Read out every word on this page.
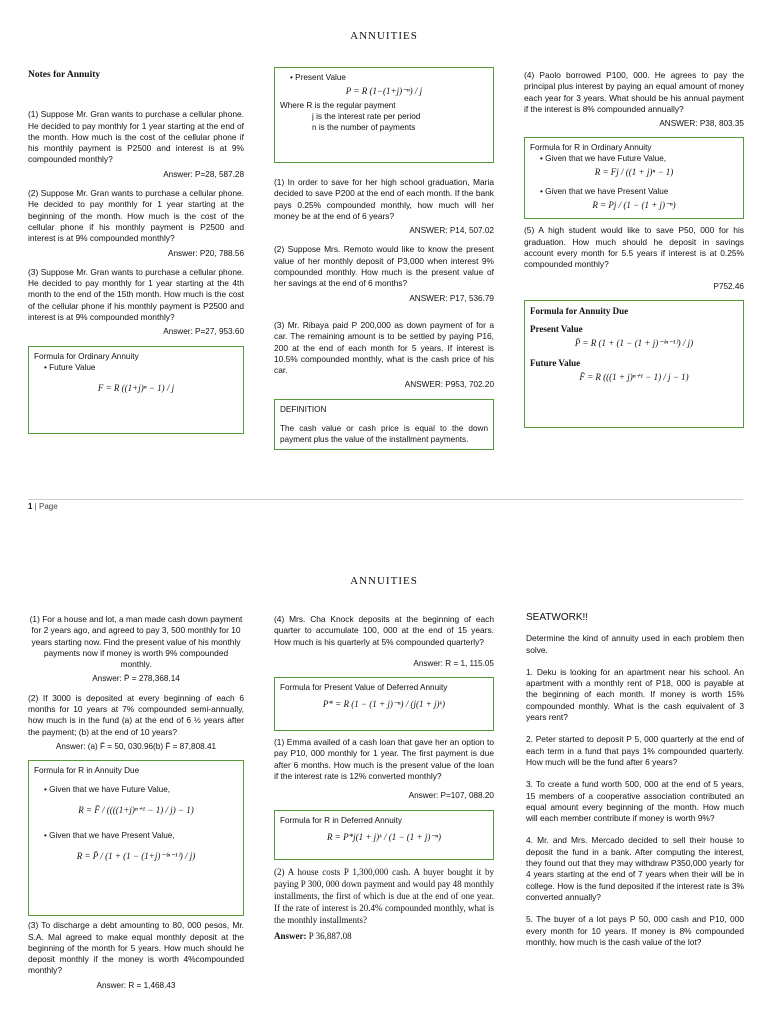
ANNUITIES
Notes for Annuity

(1) Suppose Mr. Gran wants to purchase a cellular phone. He decided to pay monthly for 1 year starting at the end of the month. How much is the cost of the cellular phone if his monthly payment is P2500 and interest is at 9% compounded monthly?

Answer: P=28, 587.28

(2) Suppose Mr. Gran wants to purchase a cellular phone. He decided to pay monthly for 1 year starting at the beginning of the month. How much is the cost of the cellular phone if his monthly payment is P2500 and interest is at 9% compounded monthly?

Answer: P20, 788.56

(3) Suppose Mr. Gran wants to purchase a cellular phone. He decided to pay monthly for 1 year starting at the 4th month to the end of the 15th month. How much is the cost of the cellular phone if his monthly payment is P2500 and interest is at 9% compounded monthly?

Answer: P=27, 953.60
Formula for Ordinary Annuity
• Future Value
F = R ((1+j)ⁿ − 1) / j
• Present Value
P = R (1−(1+j)⁻ⁿ) / j
Where R is the regular payment
j is the interest rate per period
n is the number of payments

(1) In order to save for her high school graduation, Maria decided to save P200 at the end of each month. If the bank pays 0.25% compounded monthly, how much will her money be at the end of 6 years?

ANSWER: P14, 507.02

(2) Suppose Mrs. Remoto would like to know the present value of her monthly deposit of P3,000 when interest 9% compounded monthly. How much is the present value of her savings at the end of 6 months?

ANSWER: P17, 536.79

(3) Mr. Ribaya paid P 200,000 as down payment of for a car. The remaining amount is to be settled by paying P16, 200 at the end of each month for 5 years. If interest is 10.5% compounded monthly, what is the cash price of his car.

ANSWER: P953, 702.20
DEFINITION

The cash value or cash price is equal to the down payment plus the value of the installment payments.

(4) Paolo borrowed P100, 000. He agrees to pay the principal plus interest by paying an equal amount of money each year for 3 years. What should be his annual payment if the interest is 8% compounded annually?

ANSWER: P38, 803.35
Formula for R in Ordinary Annuity
• Given that we have Future Value,
R = Fj / ((1 + j)ⁿ − 1)
• Given that we have Present Value
R = Pj / (1 − (1 + j)⁻ⁿ)

(5) A high student would like to save P50, 000 for his graduation. How much should he deposit in savings account every month for 5.5 years if interest is at 0.25% compounded monthly?

P752.46
Formula for Annuity Due
Present Value
P̄ = R (1 + (1 − (1 + j)⁻⁽ⁿ⁻¹⁾) / j)
Future Value
F̄ = R (((1 + j)ⁿ⁺¹ − 1) / j − 1)
1 | Page
ANNUITIES

(1) For a house and lot, a man made cash down payment for 2 years ago, and agreed to pay 3, 500 monthly for 10 years starting now. Find the present value of his monthly payments now if money is worth 9% compounded monthly.

Answer: P̄ = 278,368.14

(2) If 3000 is deposited at every beginning of each 6 months for 10 years at 7% compounded semi-annually, how much is in the fund (a) at the end of 6 ½ years after the payment; (b) at the end of 10 years?

Answer: (a) F̄ = 50, 030.96(b) F̄ = 87,808.41
Formula for R in Annuity Due
• Given that we have Future Value,
R = F̄ / ((((1+j)ⁿ⁺¹ − 1) / j) − 1)
• Given that we have Present Value,
R = P̄ / (1 + (1 − (1+j)⁻⁽ⁿ⁻¹⁾) / j)

(3) To discharge a debt amounting to 80, 000 pesos, Mr. S.A. Mal agreed to make equal monthly deposit at the beginning of the month for 5 years. How much should he deposit monthly if the money is worth 4%compounded monthly?

Answer: R = 1,468.43

(4) Mrs. Cha Knock deposits at the beginning of each quarter to accumulate 100, 000 at the end of 15 years. How much is his quarterly at 5% compounded quarterly?

Answer: R = 1, 115.05
Formula for Present Value of Deferred Annuity
P* = R (1 − (1 + j)⁻ⁿ) / (j(1 + j)ᵏ)

(1) Emma availed of a cash loan that gave her an option to pay P10, 000 monthly for 1 year. The first payment is due after 6 months. How much is the present value of the loan if the interest rate is 12% converted monthly?

Answer: P=107, 088.20
Formula for R in Deferred Annuity
R = P*j(1 + j)ᵏ / (1 − (1 + j)⁻ⁿ)

(2) A house costs P 1,300,000 cash. A buyer bought it by paying P 300, 000 down payment and would pay 48 monthly installments, the first of which is due at the end of one year. If the rate of interest is 20.4% compounded monthly, what is the monthly installments?

Answer: P 36,887.08
SEATWORK!!

Determine the kind of annuity used in each problem then solve.

1. Deku is looking for an apartment near his school. An apartment with a monthly rent of P18, 000 is payable at the beginning of each month. If money is worth 15% compounded monthly. What is the cash equivalent of 3 years rent?

2. Peter started to deposit P 5, 000 quarterly at the end of each term in a fund that pays 1% compounded quarterly. How much will be the fund after 6 years?

3. To create a fund worth 500, 000 at the end of 5 years, 15 members of a cooperative association contributed an equal amount every beginning of the month. How much will each member contribute if money is worth 9%?

4. Mr. and Mrs. Mercado decided to sell their house to deposit the fund in a bank. After computing the interest, they found out that they may withdraw P350,000 yearly for 4 years starting at the end of 7 years when their will be in college. How is the fund deposited if the interest rate is 3% converted annually?

5. The buyer of a lot pays P 50, 000 cash and P10, 000 every month for 10 years. If money is 8% compounded monthly, how much is the cash value of the lot?
